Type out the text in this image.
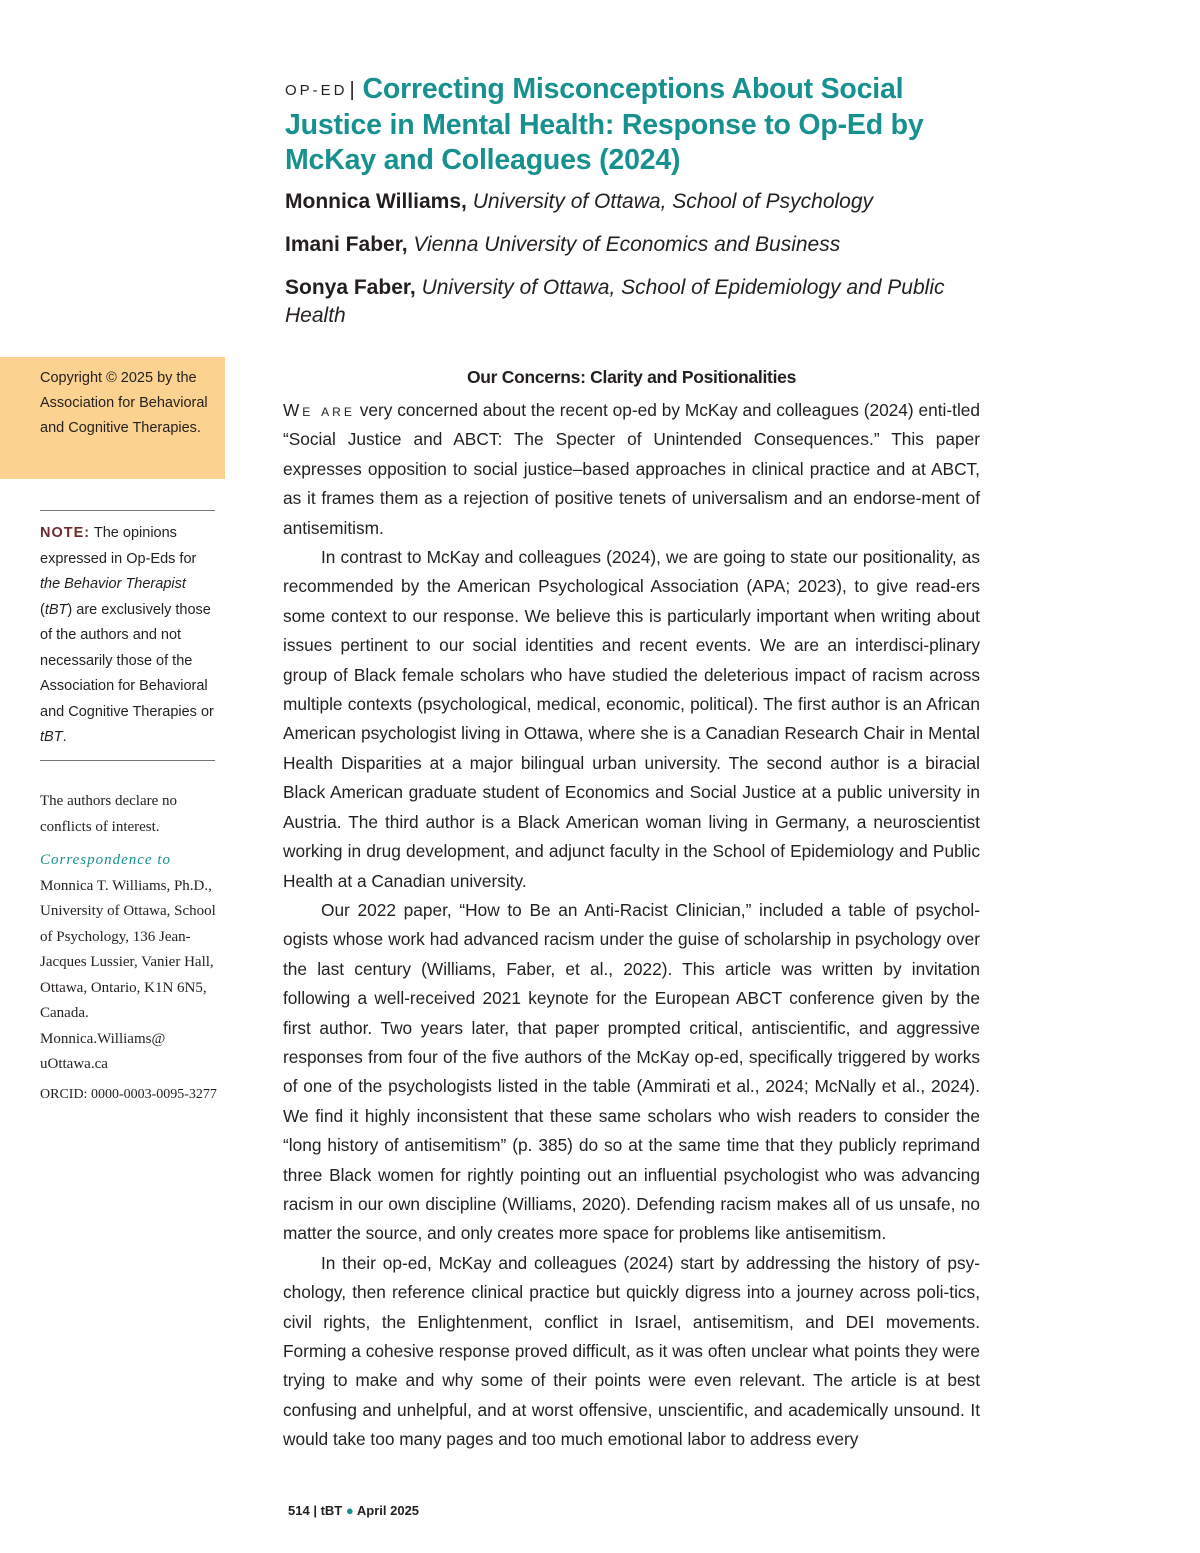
OP-ED | Correcting Misconceptions About Social
Justice in Mental Health: Response to Op-Ed by
McKay and Colleagues (2024)
Monnica Williams, University of Ottawa, School of Psychology
Imani Faber, Vienna University of Economics and Business
Sonya Faber, University of Ottawa, School of Epidemiology and Public Health

Copyright © 2025 by the Association for Behavioral and Cognitive Therapies.

NOTE: The opinions expressed in Op-Eds for the Behavior Therapist (tBT) are exclusively those of the authors and not necessarily those of the Association for Behavioral and Cognitive Therapies or tBT.
The authors declare no conflicts of interest.
Correspondence to
Monnica T. Williams, Ph.D., University of Ottawa, School of Psychology, 136 Jean-Jacques Lussier, Vanier Hall, Ottawa, Ontario, K1N 6N5, Canada.
Monnica.Williams@
uOttawa.ca
ORCID: 0000-0003-0095-3277
Our Concerns: Clarity and Positionalities

We are very concerned about the recent op-ed by McKay and colleagues (2024) enti-tled “Social Justice and ABCT: The Specter of Unintended Consequences.” This paper expresses opposition to social justice–based approaches in clinical practice and at ABCT, as it frames them as a rejection of positive tenets of universalism and an endorse-ment of antisemitism.

In contrast to McKay and colleagues (2024), we are going to state our positionality, as recommended by the American Psychological Association (APA; 2023), to give read-ers some context to our response. We believe this is particularly important when writing about issues pertinent to our social identities and recent events. We are an interdisci-plinary group of Black female scholars who have studied the deleterious impact of racism across multiple contexts (psychological, medical, economic, political). The first author is an African American psychologist living in Ottawa, where she is a Canadian Research Chair in Mental Health Disparities at a major bilingual urban university. The second author is a biracial Black American graduate student of Economics and Social Justice at a public university in Austria. The third author is a Black American woman living in Germany, a neuroscientist working in drug development, and adjunct faculty in the School of Epidemiology and Public Health at a Canadian university.

Our 2022 paper, “How to Be an Anti-Racist Clinician,” included a table of psychol-ogists whose work had advanced racism under the guise of scholarship in psychology over the last century (Williams, Faber, et al., 2022). This article was written by invitation following a well-received 2021 keynote for the European ABCT conference given by the first author. Two years later, that paper prompted critical, antiscientific, and aggressive responses from four of the five authors of the McKay op-ed, specifically triggered by works of one of the psychologists listed in the table (Ammirati et al., 2024; McNally et al., 2024). We find it highly inconsistent that these same scholars who wish readers to consider the “long history of antisemitism” (p. 385) do so at the same time that they publicly reprimand three Black women for rightly pointing out an influential psychologist who was advancing racism in our own discipline (Williams, 2020). Defending racism makes all of us unsafe, no matter the source, and only creates more space for problems like antisemitism.

In their op-ed, McKay and colleagues (2024) start by addressing the history of psy-chology, then reference clinical practice but quickly digress into a journey across poli-tics, civil rights, the Enlightenment, conflict in Israel, antisemitism, and DEI movements. Forming a cohesive response proved difficult, as it was often unclear what points they were trying to make and why some of their points were even relevant. The article is at best confusing and unhelpful, and at worst offensive, unscientific, and academically unsound. It would take too many pages and too much emotional labor to address every

514 | tBT ● April 2025
